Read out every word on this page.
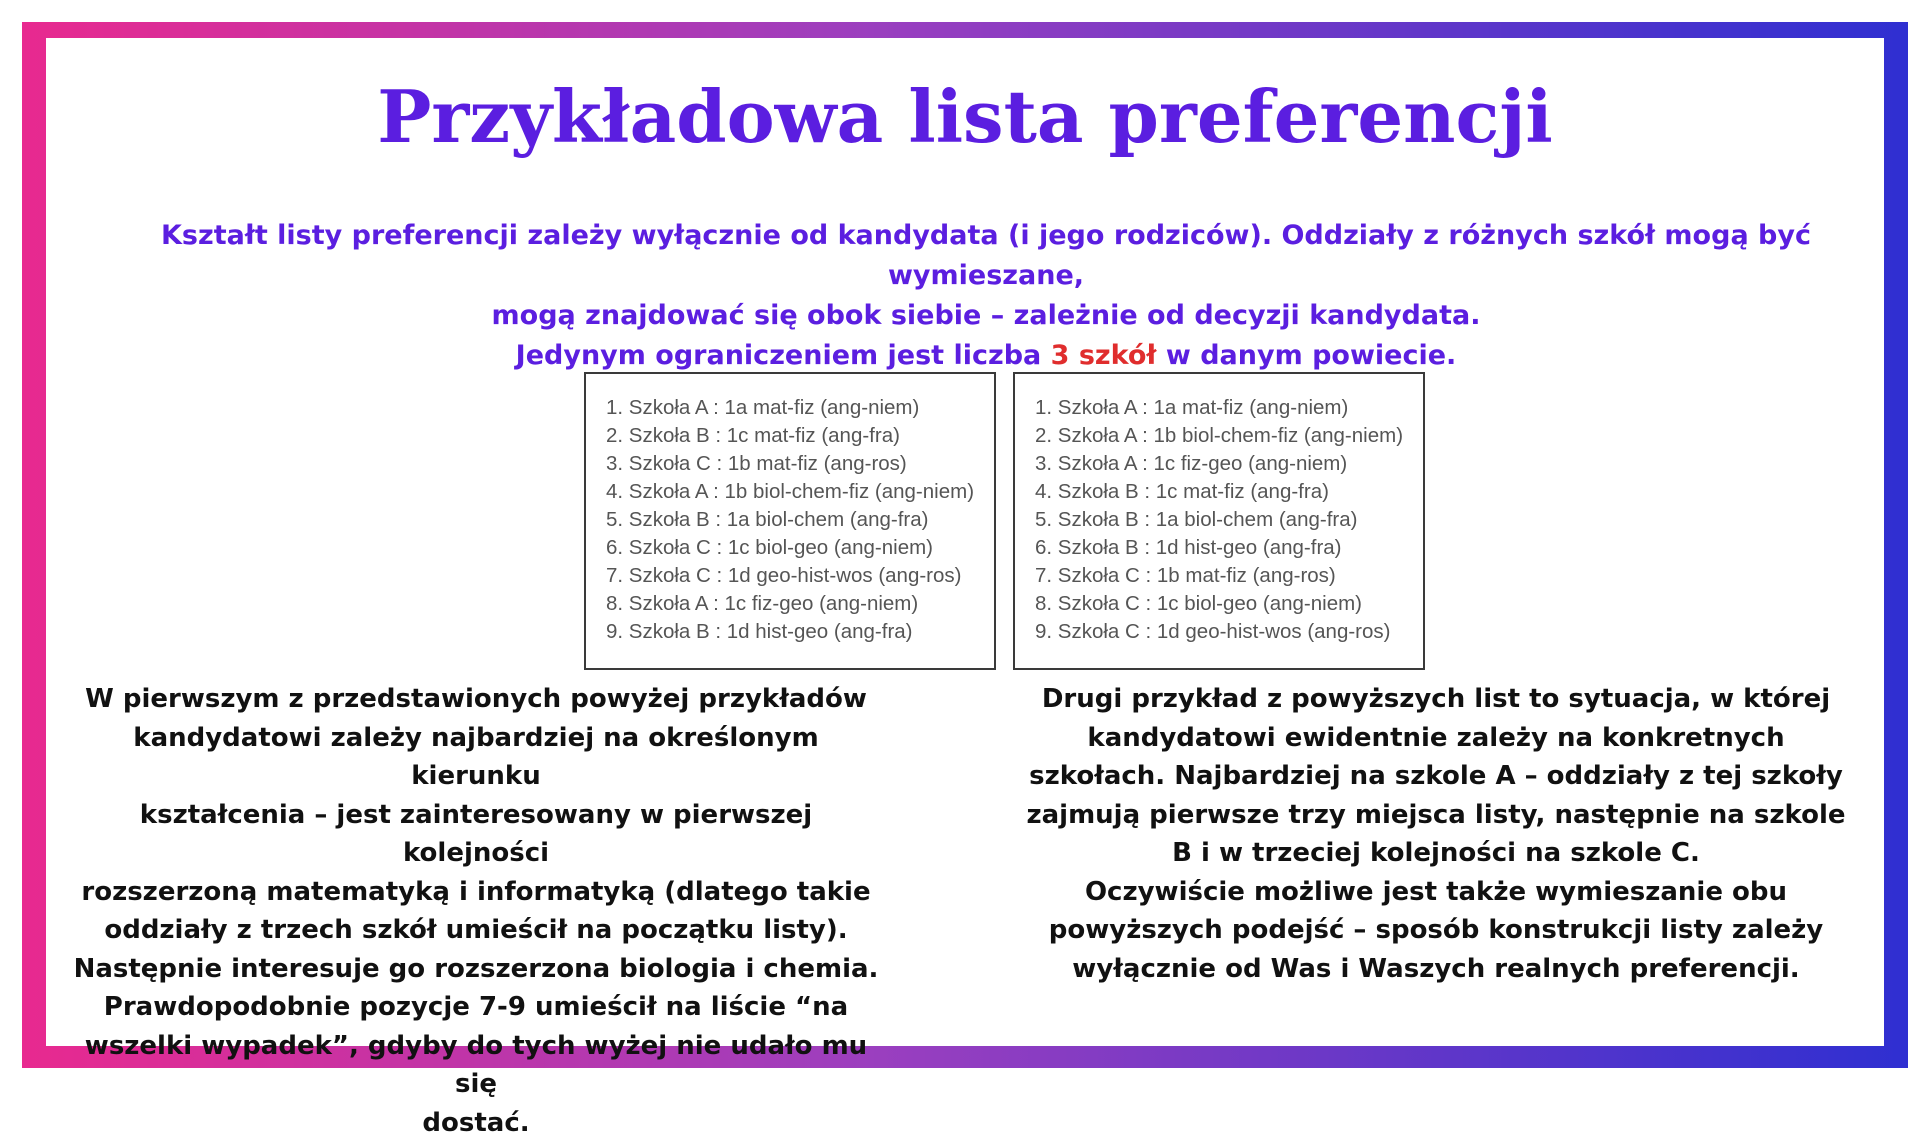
Przykładowa lista preferencji
Kształt listy preferencji zależy wyłącznie od kandydata (i jego rodziców). Oddziały z różnych szkół mogą być wymieszane,
mogą znajdować się obok siebie – zależnie od decyzji kandydata.
Jedynym ograniczeniem jest liczba 3 szkół w danym powiecie.
1. Szkoła A : 1a mat-fiz (ang-niem)
2. Szkoła B : 1c mat-fiz (ang-fra)
3. Szkoła C : 1b mat-fiz (ang-ros)
4. Szkoła A : 1b biol-chem-fiz (ang-niem)
5. Szkoła B : 1a biol-chem (ang-fra)
6. Szkoła C : 1c biol-geo (ang-niem)
7. Szkoła C : 1d geo-hist-wos (ang-ros)
8. Szkoła A : 1c fiz-geo (ang-niem)
9. Szkoła B : 1d hist-geo (ang-fra)
1. Szkoła A : 1a mat-fiz (ang-niem)
2. Szkoła A : 1b biol-chem-fiz (ang-niem)
3. Szkoła A : 1c fiz-geo (ang-niem)
4. Szkoła B : 1c mat-fiz (ang-fra)
5. Szkoła B : 1a biol-chem (ang-fra)
6. Szkoła B : 1d hist-geo (ang-fra)
7. Szkoła C : 1b mat-fiz (ang-ros)
8. Szkoła C : 1c biol-geo (ang-niem)
9. Szkoła C : 1d geo-hist-wos (ang-ros)
W pierwszym z przedstawionych powyżej przykładów
kandydatowi zależy najbardziej na określonym kierunku
kształcenia – jest zainteresowany w pierwszej kolejności
rozszerzoną matematyką i informatyką (dlatego takie
oddziały z trzech szkół umieścił na początku listy).
Następnie interesuje go rozszerzona biologia i chemia.
Prawdopodobnie pozycje 7-9 umieścił na liście “na
wszelki wypadek”, gdyby do tych wyżej nie udało mu się
dostać.
Drugi przykład z powyższych list to sytuacja, w której
kandydatowi ewidentnie zależy na konkretnych
szkołach. Najbardziej na szkole A – oddziały z tej szkoły
zajmują pierwsze trzy miejsca listy, następnie na szkole
B i w trzeciej kolejności na szkole C.
Oczywiście możliwe jest także wymieszanie obu
powyższych podejść – sposób konstrukcji listy zależy
wyłącznie od Was i Waszych realnych preferencji.
